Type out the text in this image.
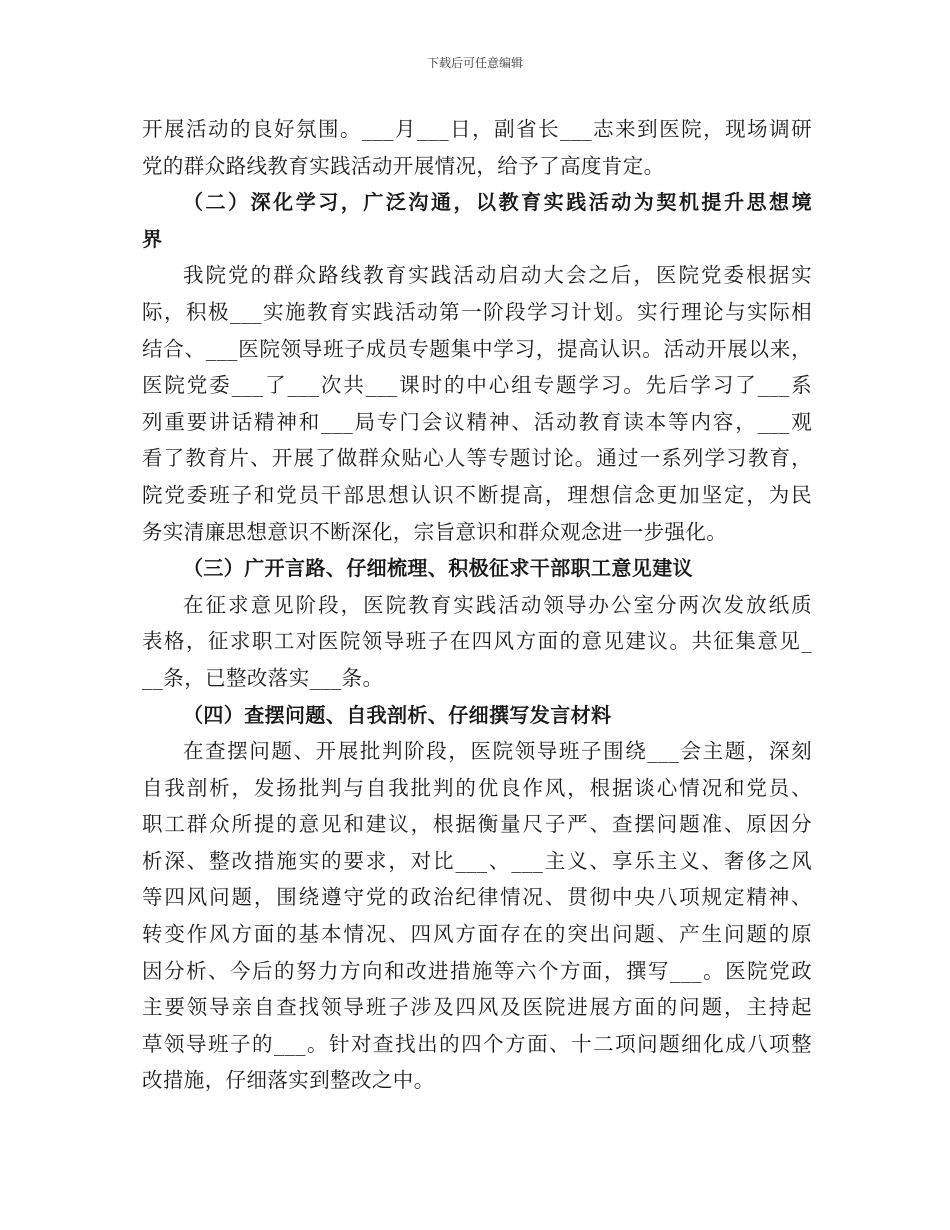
下载后可任意编辑
开展活动的良好氛围。___月___日，副省长___志来到医院，现场调研
党的群众路线教育实践活动开展情况，给予了高度肯定。
（二）深化学习，广泛沟通，以教育实践活动为契机提升思想境
界
我院党的群众路线教育实践活动启动大会之后，医院党委根据实
际，积极___实施教育实践活动第一阶段学习计划。实行理论与实际相
结合、___医院领导班子成员专题集中学习，提高认识。活动开展以来，
医院党委___了___次共___课时的中心组专题学习。先后学习了___系
列重要讲话精神和___局专门会议精神、活动教育读本等内容，___观
看了教育片、开展了做群众贴心人等专题讨论。通过一系列学习教育，
院党委班子和党员干部思想认识不断提高，理想信念更加坚定，为民
务实清廉思想意识不断深化，宗旨意识和群众观念进一步强化。
（三）广开言路、仔细梳理、积极征求干部职工意见建议
在征求意见阶段，医院教育实践活动领导办公室分两次发放纸质
表格，征求职工对医院领导班子在四风方面的意见建议。共征集意见_
__条，已整改落实___条。
（四）查摆问题、自我剖析、仔细撰写发言材料
在查摆问题、开展批判阶段，医院领导班子围绕___会主题，深刻
自我剖析，发扬批判与自我批判的优良作风，根据谈心情况和党员、
职工群众所提的意见和建议，根据衡量尺子严、查摆问题准、原因分
析深、整改措施实的要求，对比___、___主义、享乐主义、奢侈之风
等四风问题，围绕遵守党的政治纪律情况、贯彻中央八项规定精神、
转变作风方面的基本情况、四风方面存在的突出问题、产生问题的原
因分析、今后的努力方向和改进措施等六个方面，撰写___。医院党政
主要领导亲自查找领导班子涉及四风及医院进展方面的问题，主持起
草领导班子的___。针对查找出的四个方面、十二项问题细化成八项整
改措施，仔细落实到整改之中。
